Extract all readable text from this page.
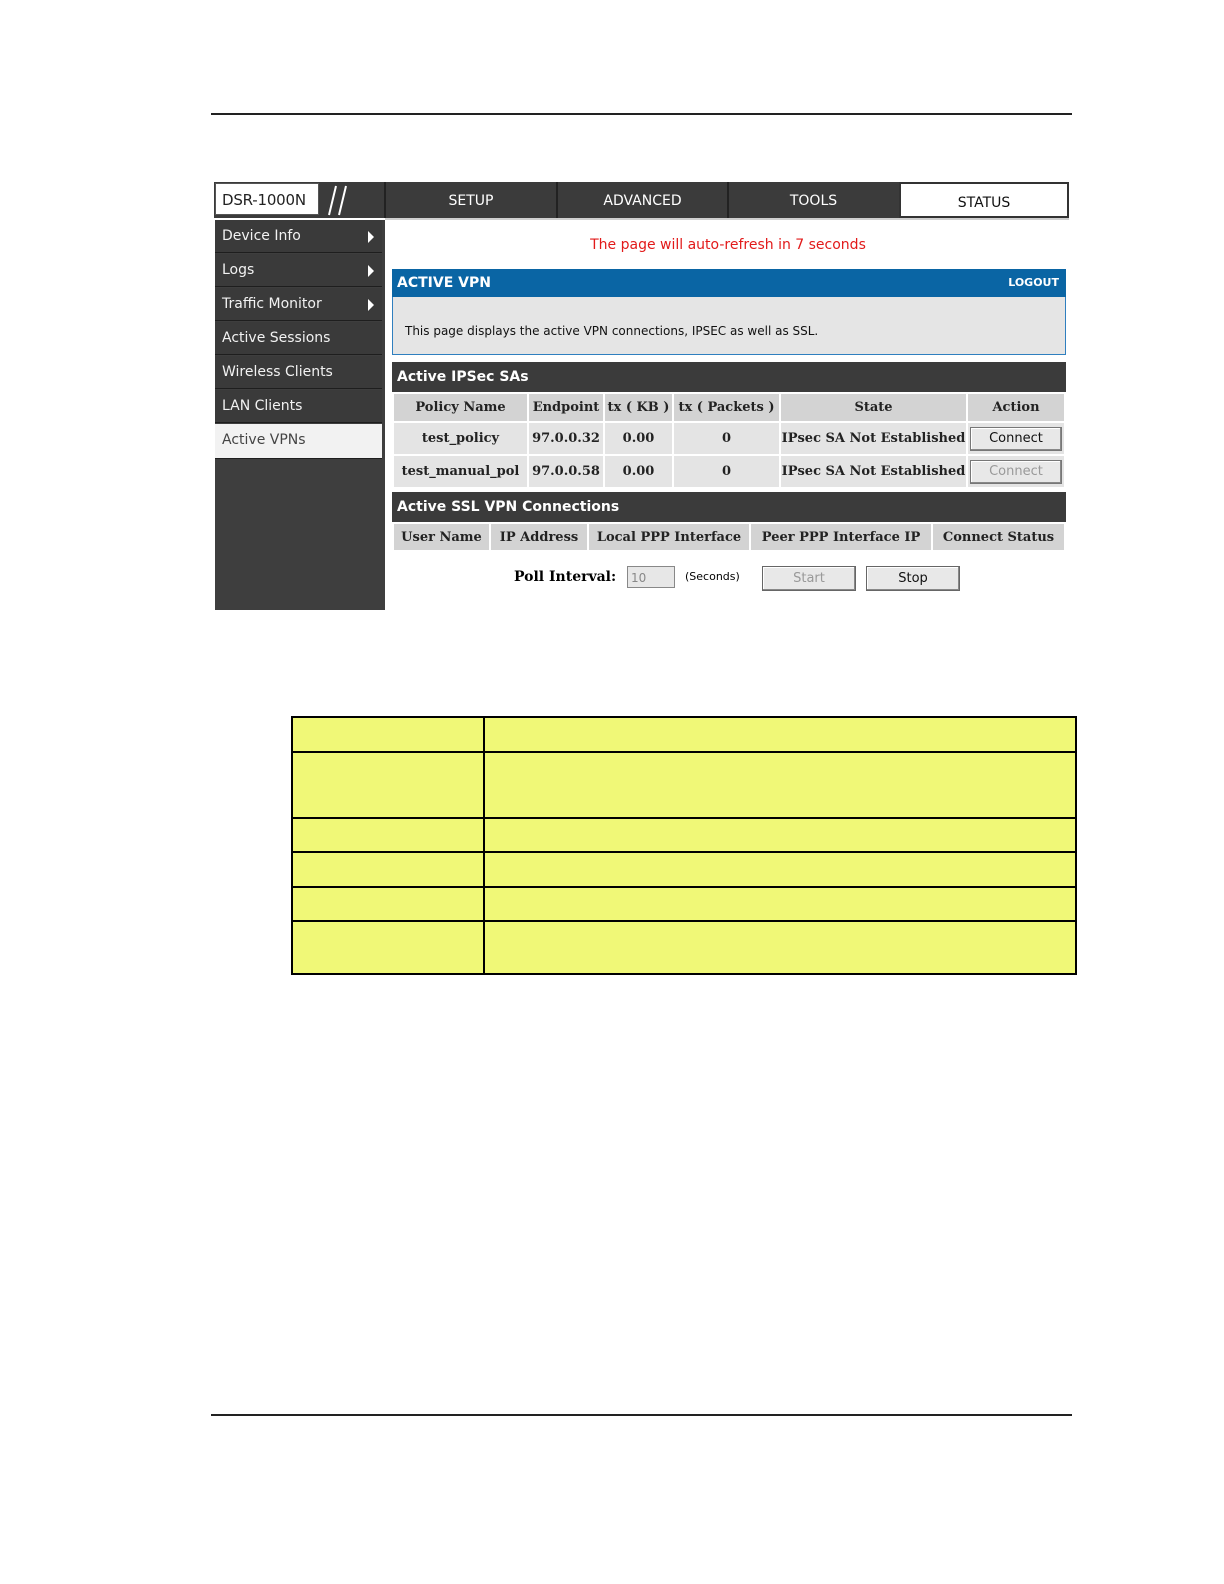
DSR-1000N	SETUP	ADVANCED	TOOLS	STATUS
Device Info
Logs
Traffic Monitor
Active Sessions
Wireless Clients
LAN Clients
Active VPNs
The page will auto-refresh in 7 seconds
ACTIVE VPN	LOGOUT
This page displays the active VPN connections, IPSEC as well as SSL.
Active IPSec SAs
Policy Name	Endpoint	tx ( KB )	tx ( Packets )	State	Action
test_policy	97.0.0.32	0.00	0	IPsec SA Not Established	Connect
test_manual_pol	97.0.0.58	0.00	0	IPsec SA Not Established	Connect
Active SSL VPN Connections
User Name	IP Address	Local PPP Interface	Peer PPP Interface IP	Connect Status
Poll Interval:	10	(Seconds)	Start	Stop
